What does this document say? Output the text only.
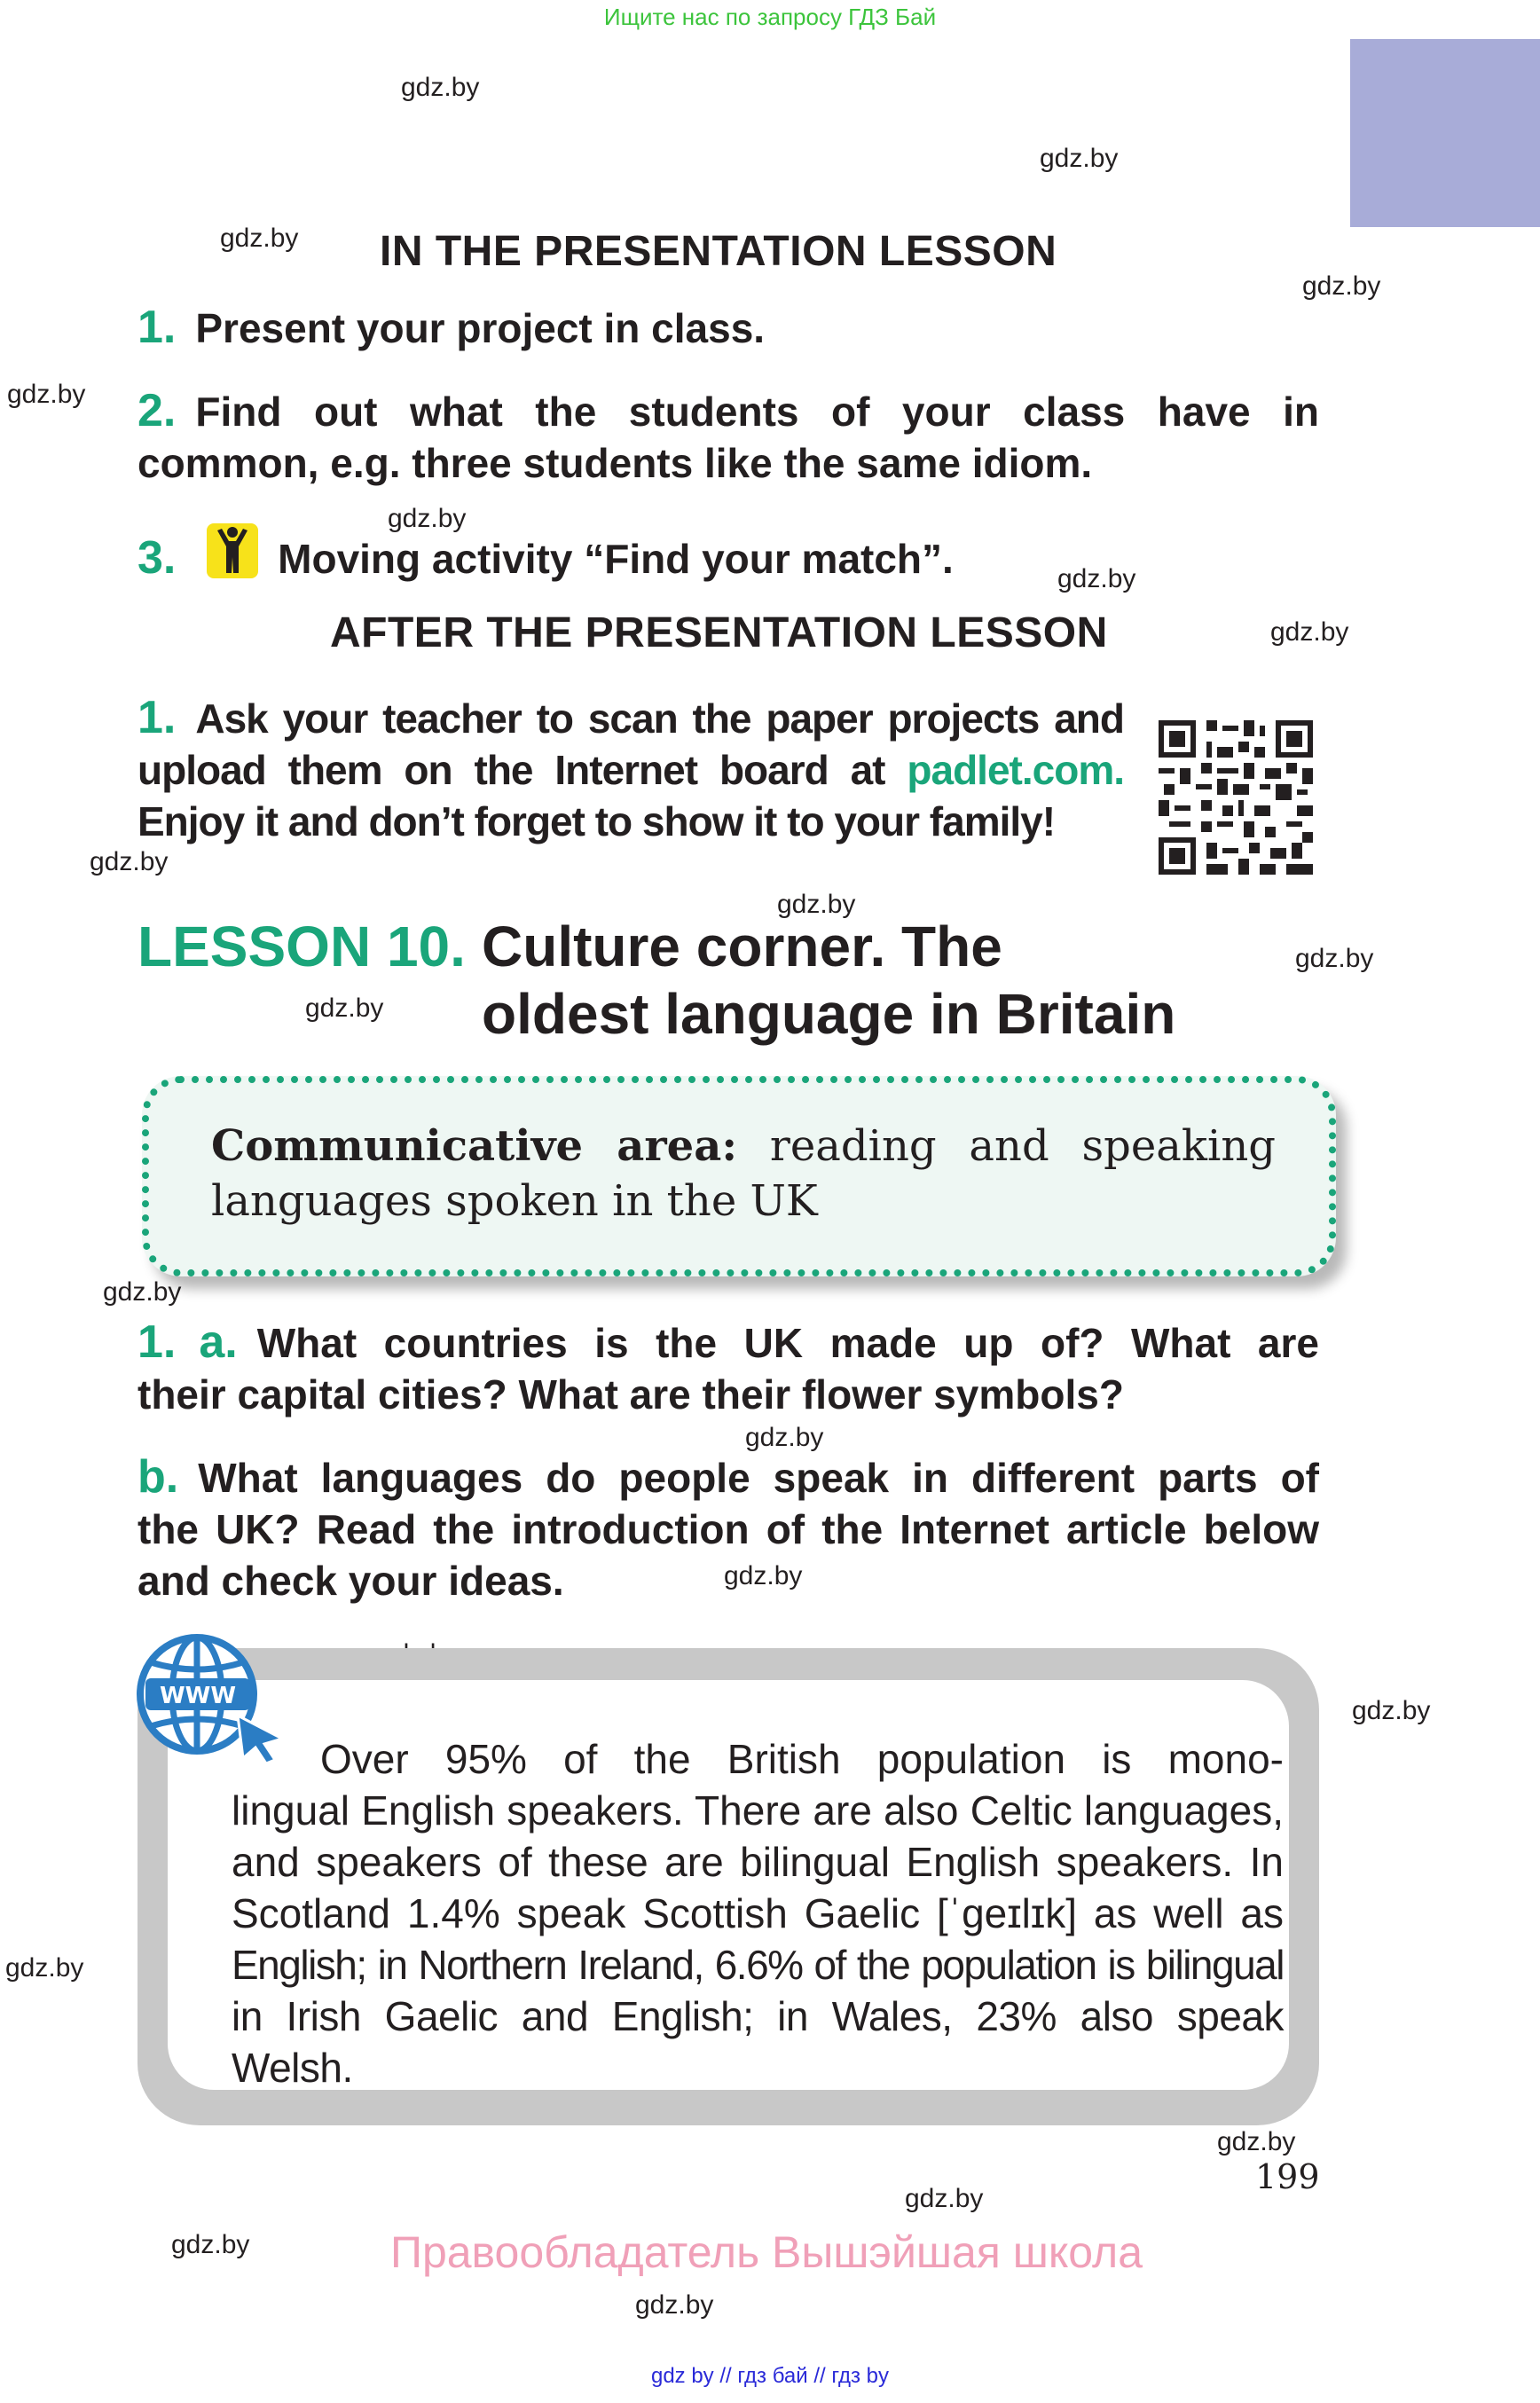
Ищите нас по запросу ГДЗ Бай
gdz.by
gdz.by
gdz.by
gdz.by
gdz.by
gdz.by
gdz.by
gdz.by
gdz.by
gdz.by
gdz.by
gdz.by
gdz.by
gdz.by
gdz.by
gdz.by
gdz.by
gdz.by
gdz.by
gdz.by
gdz.by
IN THE PRESENTATION LESSON
1. Present your project in class.
2. Find out what the students of your class have in
common, e.g. three students like the same idiom.
3. Moving activity “Find your match”.
AFTER THE PRESENTATION LESSON
1. Ask your teacher to scan the paper projects and
upload them on the Internet board at padlet.com.
Enjoy it and don’t forget to show it to your family!
LESSON 10. Culture corner. The
oldest language in Britain
Communicative area: reading and speaking
languages spoken in the UK
1. a. What countries is the UK made up of? What are
their capital cities? What are their flower symbols?
b. What languages do people speak in different parts of
the UK? Read the introduction of the Internet article below
and check your ideas.
Over 95% of the British population is mono-
lingual English speakers. There are also Celtic languages,
and speakers of these are bilingual English speakers. In
Scotland 1.4% speak Scottish Gaelic [ˈɡeɪlɪk] as well as
English; in Northern Ireland, 6.6% of the population is bilingual
in Irish Gaelic and English; in Wales, 23% also speak Welsh.
WWW
199
Правообладатель Вышэйшая школа
gdz by // гдз бай // гдз by
